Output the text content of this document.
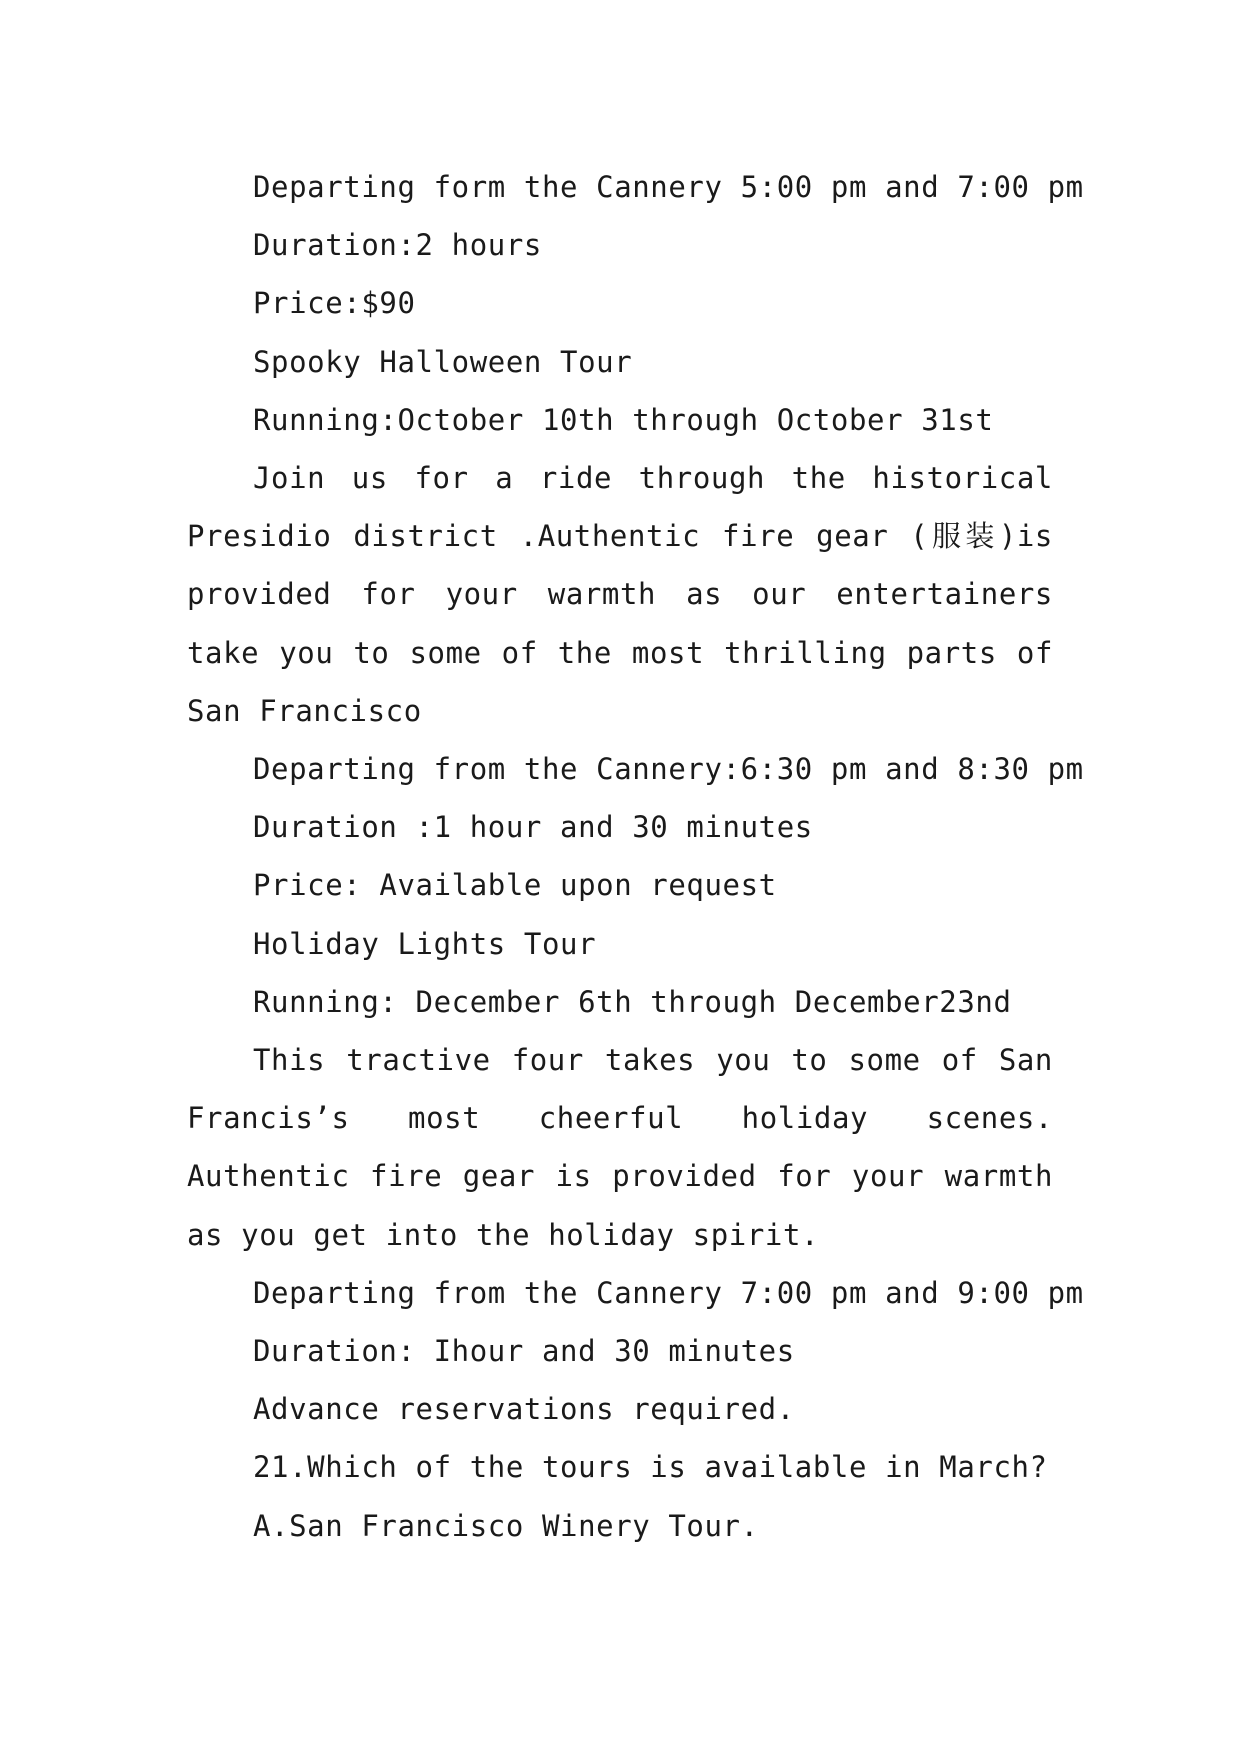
Departing form the Cannery 5:00 pm and 7:00 pm

Duration:2 hours

Price:$90

Spooky Halloween Tour

Running:October 10th through October 31st

Join us for a ride through the historical Presidio district .Authentic fire gear (服装)is provided for your warmth as our entertainers take you to some of the most thrilling parts of San Francisco

Departing from the Cannery:6:30 pm and 8:30 pm

Duration :1 hour and 30 minutes

Price: Available upon request

Holiday Lights Tour

Running: December 6th through December23nd

This tractive four takes you to some of San Francis’s most cheerful holiday scenes. Authentic fire gear is provided for your warmth as you get into the holiday spirit.

Departing from the Cannery 7:00 pm and 9:00 pm

Duration: Ihour and 30 minutes

Advance reservations required.

21.Which of the tours is available in March?

A.San Francisco Winery Tour.
